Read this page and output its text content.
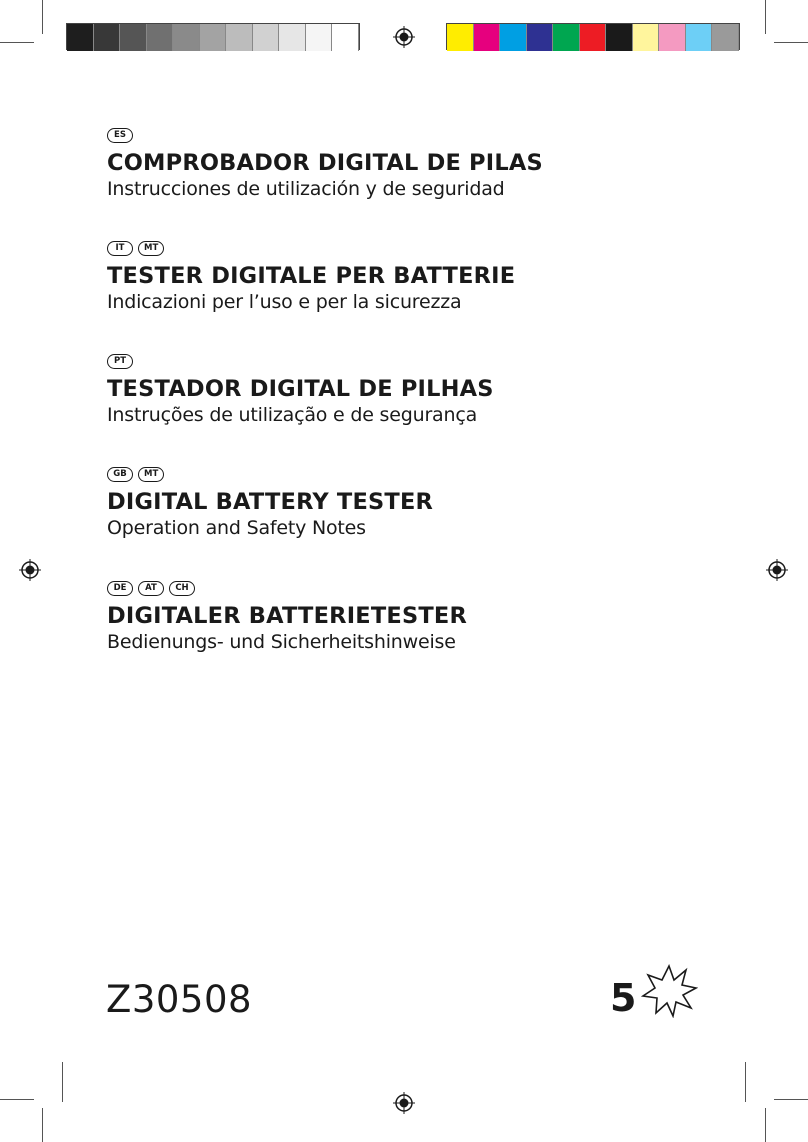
ES
COMPROBADOR DIGITAL DE PILAS
Instrucciones de utilización y de seguridad
IT	MT
TESTER DIGITALE PER BATTERIE
Indicazioni per l’uso e per la sicurezza
PT
TESTADOR DIGITAL DE PILHAS
Instruções de utilização e de segurança
GB	MT
DIGITAL BATTERY TESTER
Operation and Safety Notes
DE	AT	CH
DIGITALER BATTERIETESTER
Bedienungs- und Sicherheitshinweise
Z30508	5
